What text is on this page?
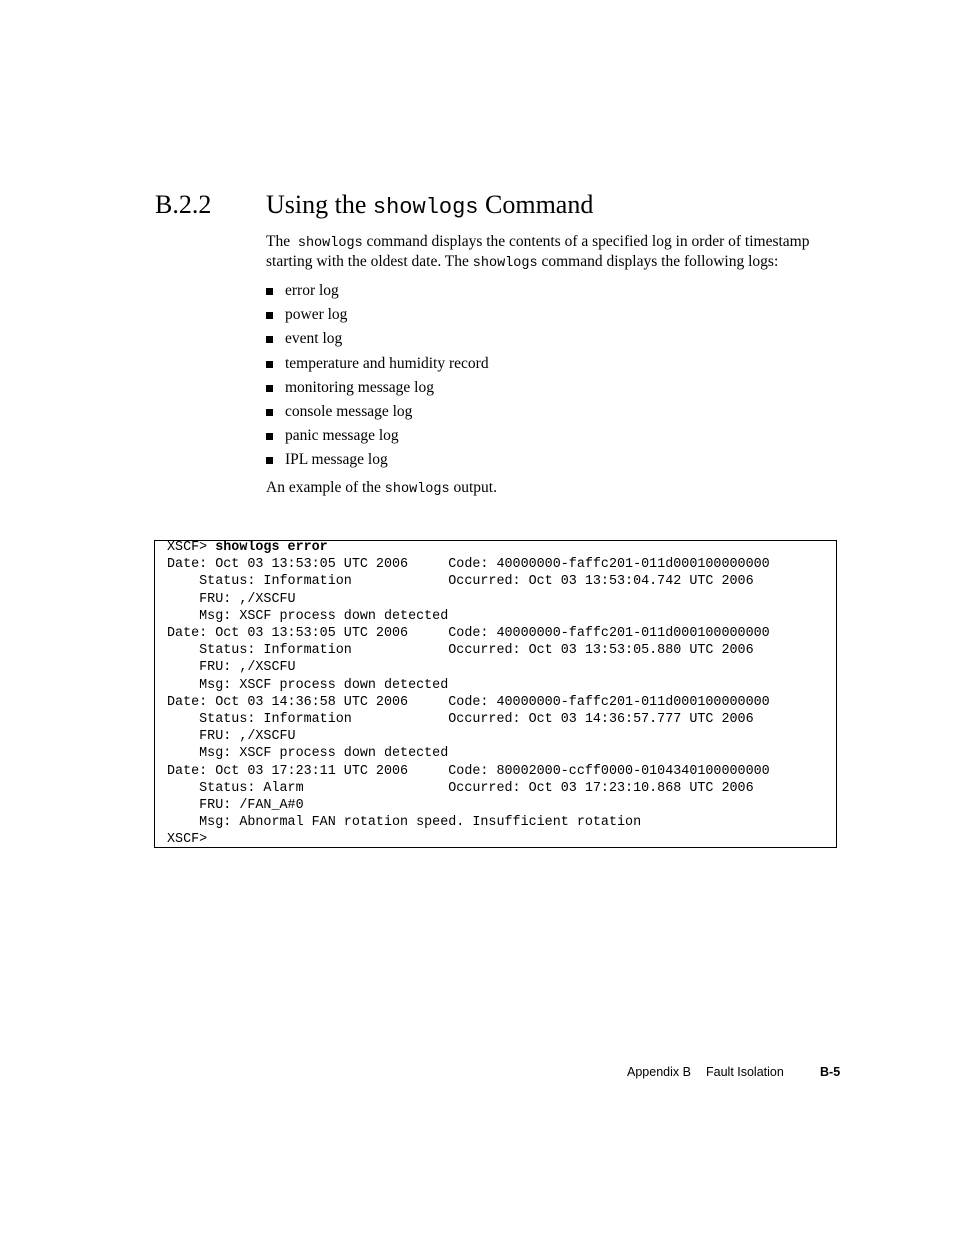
B.2.2 Using the showlogs Command

The showlogs command displays the contents of a specified log in order of timestamp starting with the oldest date. The showlogs command displays the following logs:

error log
power log
event log
temperature and humidity record
monitoring message log
console message log
panic message log
IPL message log

An example of the showlogs output.

XSCF> showlogs error
Date: Oct 03 13:53:05 UTC 2006     Code: 40000000-faffc201-011d000100000000
Status: Information            Occurred: Oct 03 13:53:04.742 UTC 2006
FRU: ,/XSCFU
Msg: XSCF process down detected
Date: Oct 03 13:53:05 UTC 2006     Code: 40000000-faffc201-011d000100000000
Status: Information            Occurred: Oct 03 13:53:05.880 UTC 2006
FRU: ,/XSCFU
Msg: XSCF process down detected
Date: Oct 03 14:36:58 UTC 2006     Code: 40000000-faffc201-011d000100000000
Status: Information            Occurred: Oct 03 14:36:57.777 UTC 2006
FRU: ,/XSCFU
Msg: XSCF process down detected
Date: Oct 03 17:23:11 UTC 2006     Code: 80002000-ccff0000-0104340100000000
Status: Alarm                  Occurred: Oct 03 17:23:10.868 UTC 2006
FRU: /FAN_A#0
Msg: Abnormal FAN rotation speed. Insufficient rotation
XSCF>
Appendix B Fault Isolation	B-5
